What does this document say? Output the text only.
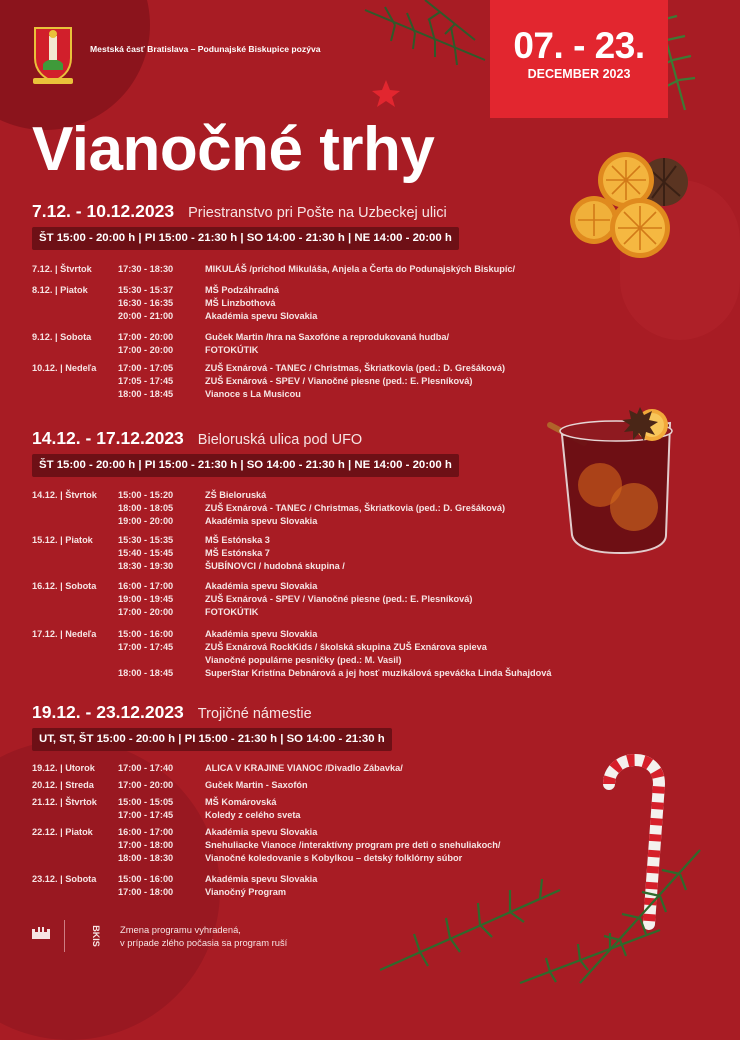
Mestská časť Bratislava – Podunajské Biskupice pozýva	07. - 23.
DECEMBER 2023
Vianočné trhy
7.12. - 10.12.2023 Priestranstvo pri Pošte na Uzbeckej ulici
ŠT 15:00 - 20:00 h | PI 15:00 - 21:30 h | SO 14:00 - 21:30 h | NE 14:00 - 20:00 h
14.12. - 17.12.2023 Bieloruská ulica pod UFO
ŠT 15:00 - 20:00 h | PI 15:00 - 21:30 h | SO 14:00 - 21:30 h | NE 14:00 - 20:00 h
19.12. - 23.12.2023 Trojičné námestie
UT, ST, ŠT 15:00 - 20:00 h | PI 15:00 - 21:30 h | SO 14:00 - 21:30 h
BKIS Zmena programu vyhradená,
v prípade zlého počasia sa program ruší
7.12. | Štvrtok	17:30 - 18:30	MIKULÁŠ /príchod Mikuláša, Anjela a Čerta do Podunajských Biskupíc/
8.12. | Piatok	15:30 - 15:37	MŠ Podzáhradná
16:30 - 16:35	MŠ Linzbothová
20:00 - 21:00	Akadémia spevu Slovakia
9.12. | Sobota	17:00 - 20:00	Guček Martin /hra na Saxofóne a reprodukovaná hudba/
17:00 - 20:00	FOTOKÚTIK
10.12. | Nedeľa 17:00 - 17:05	ZUŠ Exnárová - TANEC / Christmas, Škriatkovia (ped.: D. Grešáková)
17:05 - 17:45	ZUŠ Exnárová - SPEV / Vianočné piesne (ped.: E. Plesníková)
18:00 - 18:45	Vianoce s La Musicou
14.12. | Štvrtok 15:00 - 15:20	ZŠ Bieloruská
18:00 - 18:05	ZUŠ Exnárová - TANEC / Christmas, Škriatkovia (ped.: D. Grešáková)
19:00 - 20:00	Akadémia spevu Slovakia
15.12. | Piatok	15:30 - 15:35	MŠ Estónska 3
15:40 - 15:45	MŠ Estónska 7
18:30 - 19:30	ŠUBÍNOVCI / hudobná skupina /
16.12. | Sobota 16:00 - 17:00	Akadémia spevu Slovakia
19:00 - 19:45	ZUŠ Exnárová - SPEV / Vianočné piesne (ped.: E. Plesníková)
17:00 - 20:00	FOTOKÚTIK
17.12. | Nedeľa 15:00 - 16:00	Akadémia spevu Slovakia
17:00 - 17:45	ZUŠ Exnárová RockKids / školská skupina ZUŠ Exnárova spieva
Vianočné populárne pesničky (ped.: M. Vasil)
18:00 - 18:45	SuperStar Kristína Debnárová a jej hosť muzikálová speváčka Linda Šuhajdová
19.12. | Utorok	17:00 - 17:40	ALICA V KRAJINE VIANOC /Divadlo Zábavka/
20.12. | Streda	17:00 - 20:00	Guček Martin - Saxofón
21.12. | Štvrtok 15:00 - 15:05	MŠ Komárovská
17:00 - 17:45	Koledy z celého sveta
22.12. | Piatok	16:00 - 17:00	Akadémia spevu Slovakia
17:00 - 18:00	Snehuliacke Vianoce /interaktívny program pre deti o snehuliakoch/
18:00 - 18:30	Vianočné koledovanie s Kobylkou – detský folklórny súbor
23.12. | Sobota 15:00 - 16:00	Akadémia spevu Slovakia
17:00 - 18:00	Vianočný Program
